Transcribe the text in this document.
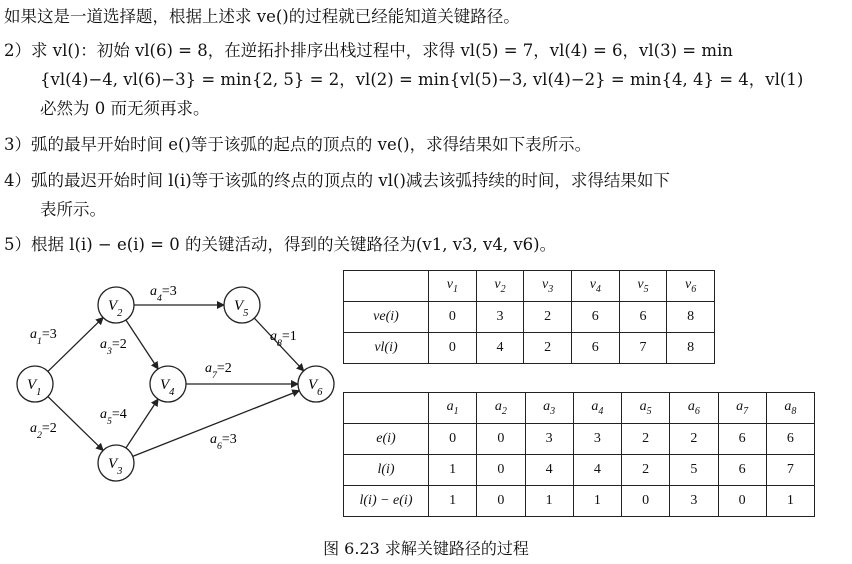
如果这是一道选择题，根据上述求 ve()的过程就已经能知道关键路径。
2）求 vl()：初始 vl(6) = 8，在逆拓扑排序出栈过程中，求得 vl(5) = 7，vl(4) = 6，vl(3) = min
{vl(4)−4, vl(6)−3} = min{2, 5} = 2，vl(2) = min{vl(5)−3, vl(4)−2} = min{4, 4} = 4，vl(1)
必然为 0 而无须再求。
3）弧的最早开始时间 e()等于该弧的起点的顶点的 ve()，求得结果如下表所示。
4）弧的最迟开始时间 l(i)等于该弧的终点的顶点的 vl()减去该弧持续的时间，求得结果如下
表所示。
5）根据 l(i) − e(i) = 0 的关键活动，得到的关键路径为(v1, v3, v4, v6)。
$V_1$
$V_2$
$V_3$
$V_4$
$V_5$
$V_6$
$a_1=3$
$a_2=2$
$a_3=2$
$a_4=3$
$a_5=4$
$a_6=3$
$a_7=2$
$a_8=1$
	$v_1$	$v_2$	$v_3$	$v_4$	$v_5$	$v_6$
ve(i)	0	3	2	6	6	8
vl(i)	0	4	2	6	7	8
	$a_1$	$a_2$	$a_3$	$a_4$	$a_5$	$a_6$	$a_7$	$a_8$
e(i)	0	0	3	3	2	2	6	6
l(i)	1	0	4	4	2	5	6	7
l(i) − e(i)	1	0	1	1	0	3	0	1
图 6.23 求解关键路径的过程
